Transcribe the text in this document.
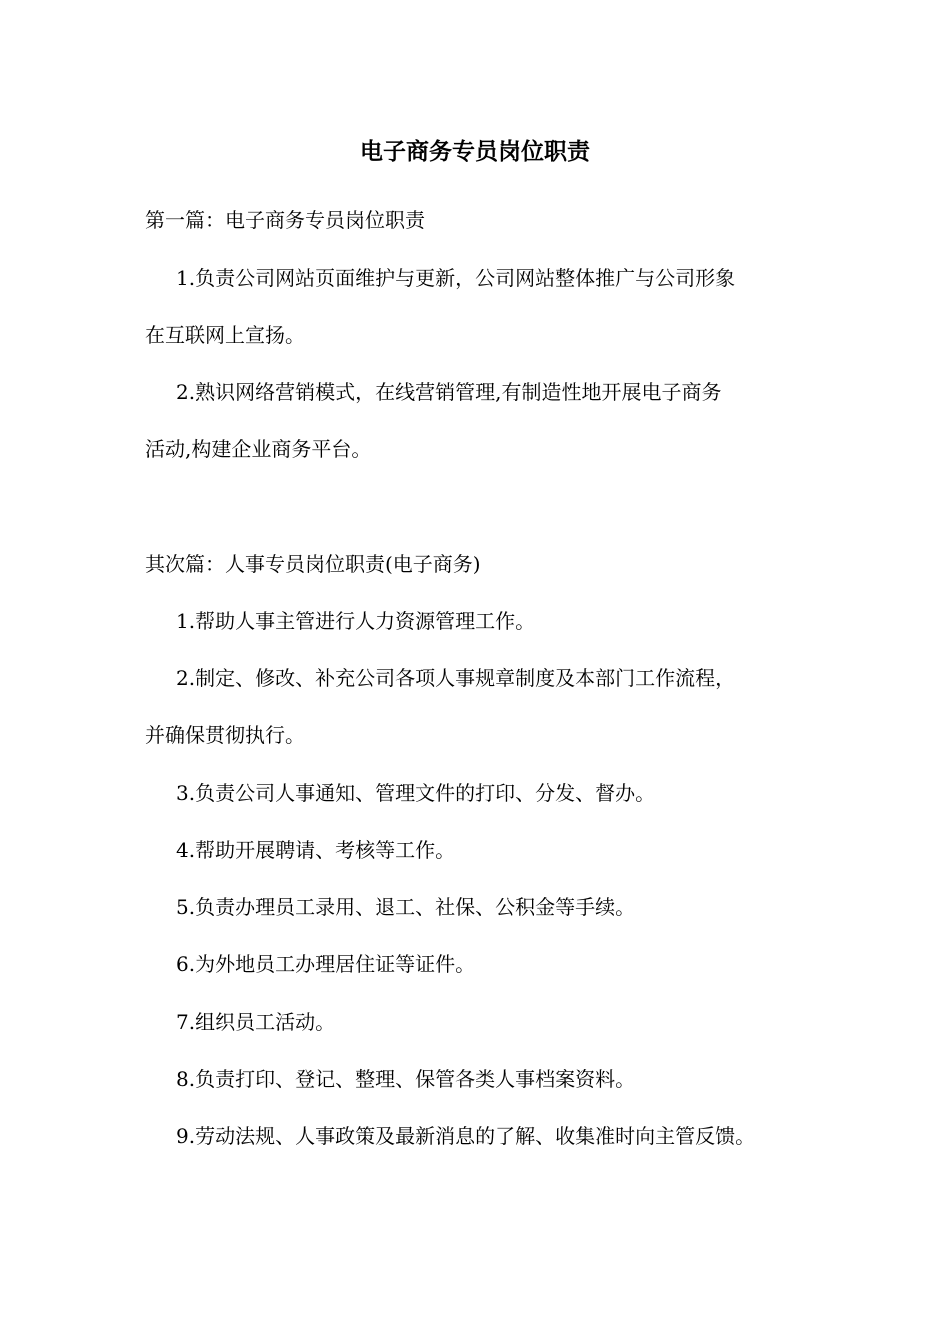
电子商务专员岗位职责

第一篇：电子商务专员岗位职责

1.负责公司网站页面维护与更新，公司网站整体推广与公司形象

在互联网上宣扬。

2.熟识网络营销模式，在线营销管理,有制造性地开展电子商务

活动,构建企业商务平台。

其次篇：人事专员岗位职责(电子商务)

1.帮助人事主管进行人力资源管理工作。

2.制定、修改、补充公司各项人事规章制度及本部门工作流程，

并确保贯彻执行。

3.负责公司人事通知、管理文件的打印、分发、督办。

4.帮助开展聘请、考核等工作。

5.负责办理员工录用、退工、社保、公积金等手续。

6.为外地员工办理居住证等证件。

7.组织员工活动。

8.负责打印、登记、整理、保管各类人事档案资料。

9.劳动法规、人事政策及最新消息的了解、收集准时向主管反馈。
